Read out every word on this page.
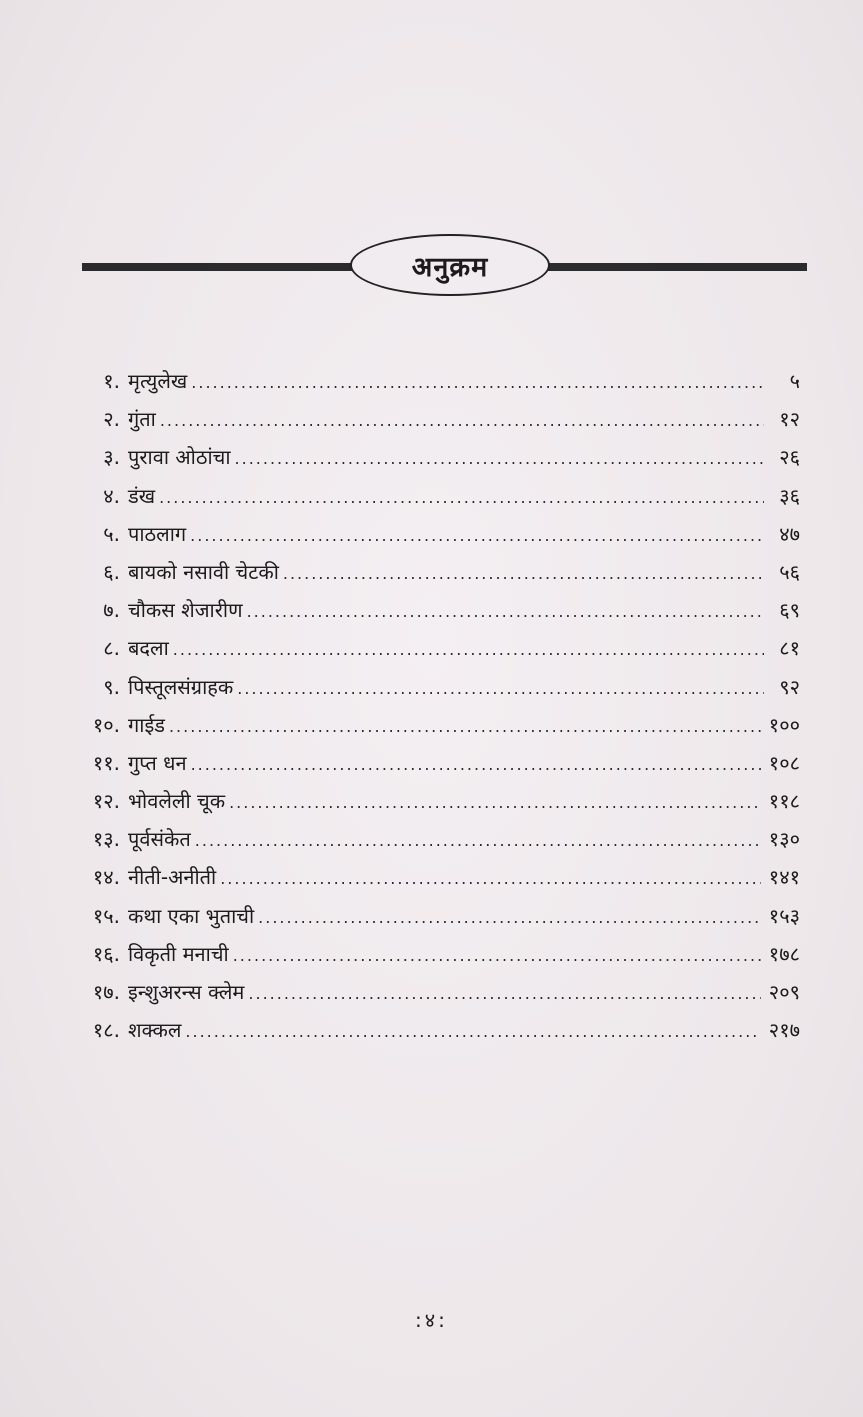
अनुक्रम
१. मृत्युलेख .....	५
२. गुंता .....	१२
३. पुरावा ओठांचा .....	२६
४. डंख .....	३६
५. पाठलाग .....	४७
६. बायको नसावी चेटकी .....	५६
७. चौकस शेजारीण .....	६९
८. बदला .....	८१
९. पिस्तूलसंग्राहक .....	९२
१०. गाईड .....	१००
११. गुप्त धन .....	१०८
१२. भोवलेली चूक .....	११८
१३. पूर्वसंकेत .....	१३०
१४. नीती-अनीती .....	१४१
१५. कथा एका भुताची .....	१५३
१६. विकृती मनाची .....	१७८
१७. इन्शुअरन्स क्लेम .....	२०९
१८. शक्कल .....	२१७
:४:
